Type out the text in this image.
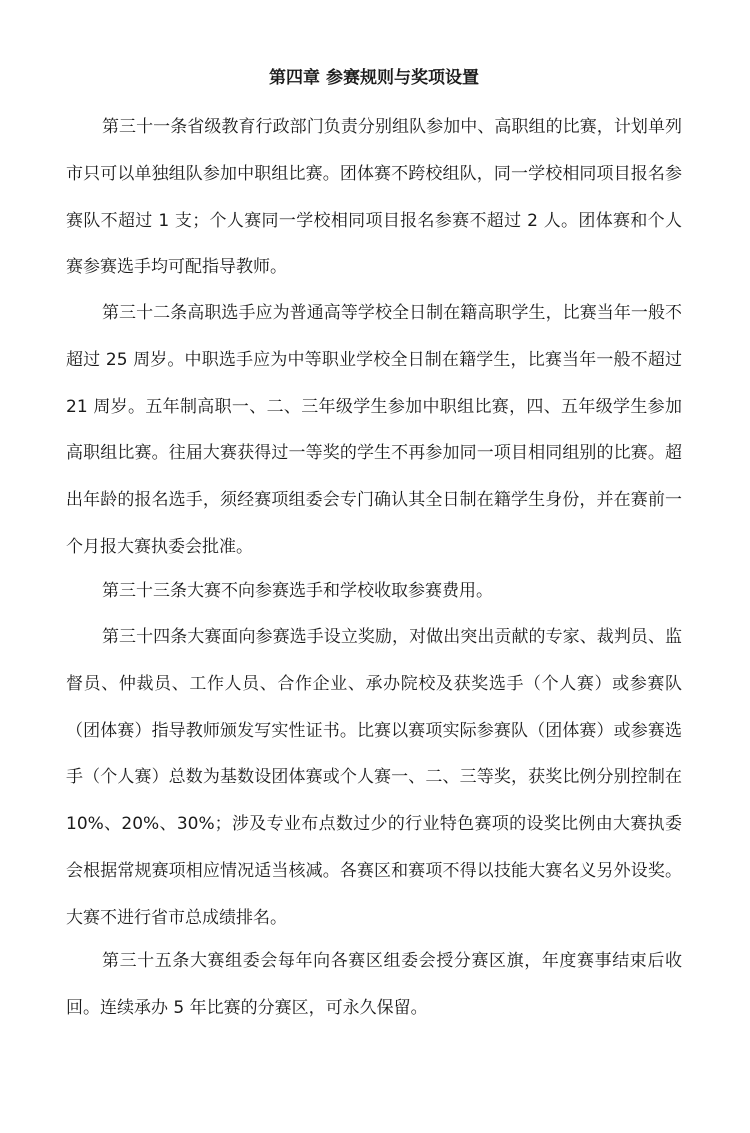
第四章 参赛规则与奖项设置

第三十一条省级教育行政部门负责分别组队参加中、高职组的比赛，计划单列市只可以单独组队参加中职组比赛。团体赛不跨校组队，同一学校相同项目报名参赛队不超过 1 支；个人赛同一学校相同项目报名参赛不超过 2 人。团体赛和个人赛参赛选手均可配指导教师。

第三十二条高职选手应为普通高等学校全日制在籍高职学生，比赛当年一般不超过 25 周岁。中职选手应为中等职业学校全日制在籍学生，比赛当年一般不超过 21 周岁。五年制高职一、二、三年级学生参加中职组比赛，四、五年级学生参加高职组比赛。往届大赛获得过一等奖的学生不再参加同一项目相同组别的比赛。超出年龄的报名选手，须经赛项组委会专门确认其全日制在籍学生身份，并在赛前一个月报大赛执委会批准。

第三十三条大赛不向参赛选手和学校收取参赛费用。

第三十四条大赛面向参赛选手设立奖励，对做出突出贡献的专家、裁判员、监督员、仲裁员、工作人员、合作企业、承办院校及获奖选手（个人赛）或参赛队（团体赛）指导教师颁发写实性证书。比赛以赛项实际参赛队（团体赛）或参赛选手（个人赛）总数为基数设团体赛或个人赛一、二、三等奖，获奖比例分别控制在 10%、20%、30%；涉及专业布点数过少的行业特色赛项的设奖比例由大赛执委会根据常规赛项相应情况适当核减。各赛区和赛项不得以技能大赛名义另外设奖。大赛不进行省市总成绩排名。

第三十五条大赛组委会每年向各赛区组委会授分赛区旗，年度赛事结束后收回。连续承办 5 年比赛的分赛区，可永久保留。
